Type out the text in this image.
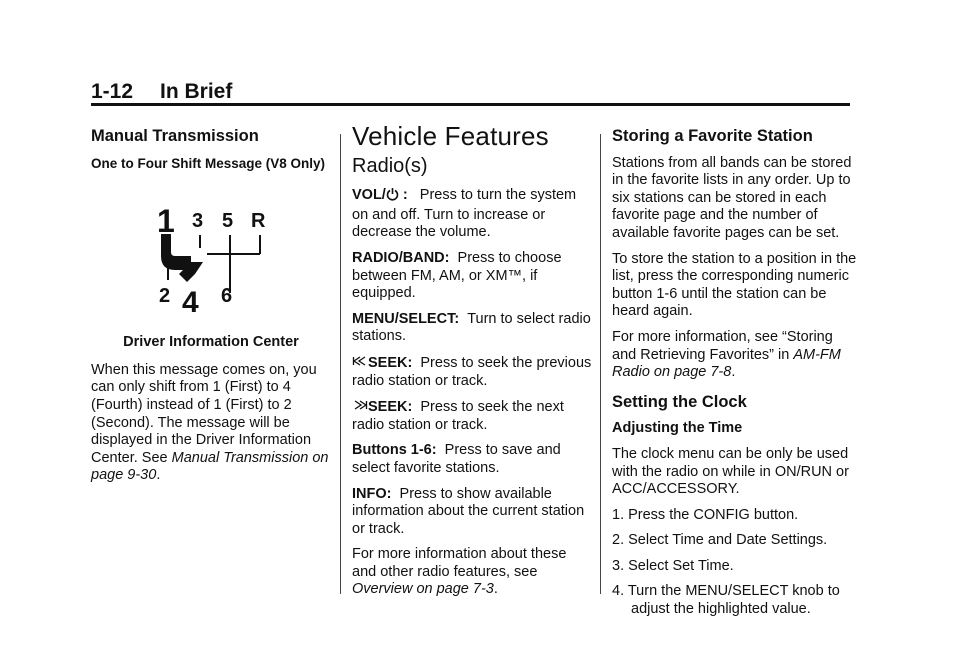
1-12 In Brief
Manual Transmission
One to Four Shift Message (V8 Only)
1 3 5 R
2 4 6
Driver Information Center

When this message comes on, you can only shift from 1 (First) to 4 (Fourth) instead of 1 (First) to 2 (Second). The message will be displayed in the Driver Information Center. See Manual Transmission on page 9-30.

Vehicle Features
Radio(s)

VOL/ :   Press to turn the system on and off. Turn to increase or decrease the volume.

RADIO/BAND: Press to choose between FM, AM, or XM™, if equipped.

MENU/SELECT: Turn to select radio stations.

SEEK: Press to seek the previous radio station or track.

SEEK: Press to seek the next radio station or track.

Buttons 1-6: Press to save and select favorite stations.

INFO: Press to show available information about the current station or track.

For more information about these and other radio features, see Overview on page 7-3.

Storing a Favorite Station

Stations from all bands can be stored in the favorite lists in any order. Up to six stations can be stored in each favorite page and the number of available favorite pages can be set.

To store the station to a position in the list, press the corresponding numeric button 1-6 until the station can be heard again.

For more information, see “Storing and Retrieving Favorites” in AM-FM Radio on page 7-8.

Setting the Clock
Adjusting the Time

The clock menu can be only be used with the radio on while in ON/RUN or ACC/ACCESSORY.

1. Press the CONFIG button.
2. Select Time and Date Settings.
3. Select Set Time.
4. Turn the MENU/SELECT knob to adjust the highlighted value.
